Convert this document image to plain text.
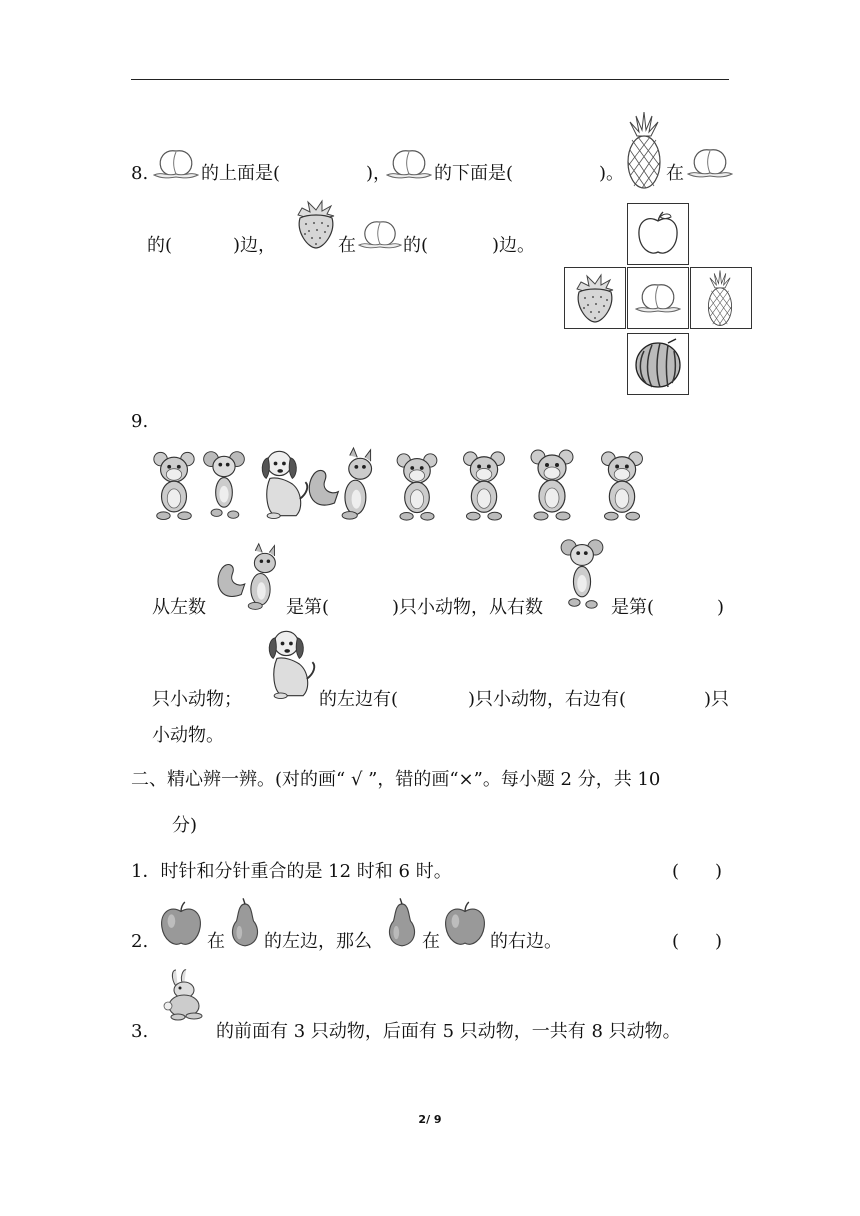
8.	的上面是(	)， 的下面是(	)。 在
的(	)边，	在	的(	)边。
9.
从左数	是第(	)只小动物，从右数	是第(	)
只小动物；	的左边有(	)只小动物，右边有(	)只
小动物。
二、精心辨一辨。(对的画“ √ ”，错的画“×”。每小题 2 分，共 10
分)
1．时针和分针重合的是 12 时和 6 时。	(　　)
2.	在 的左边，那么	在	的右边。	(　　)
3.	的前面有 3 只动物，后面有 5 只动物，一共有 8 只动物。
2/ 9
